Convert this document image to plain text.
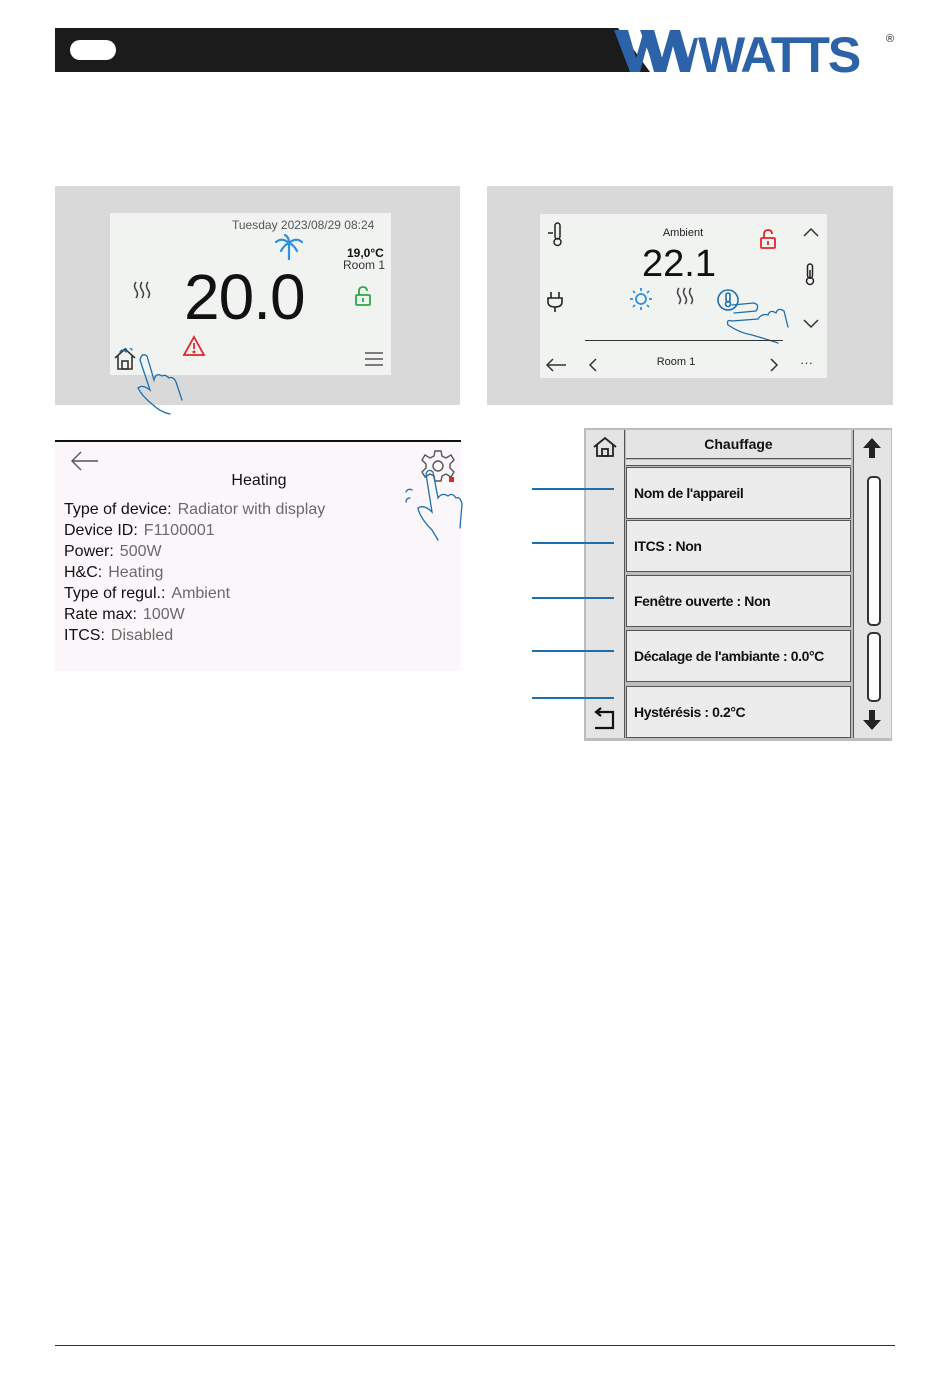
WATTS ®
Tuesday 2023/08/29 08:24
19,0°C
Room 1
20.0
Ambient
22.1
Room 1	···
Heating
Type of device: Radiator with display
Device ID: F1100001
Power: 500W
H&C: Heating
Type of regul.: Ambient
Rate max: 100W
ITCS: Disabled
Chauffage
Nom de l'appareil
ITCS : Non
Fenêtre ouverte : Non
Décalage de l'ambiante : 0.0°C
Hystérésis : 0.2°C
